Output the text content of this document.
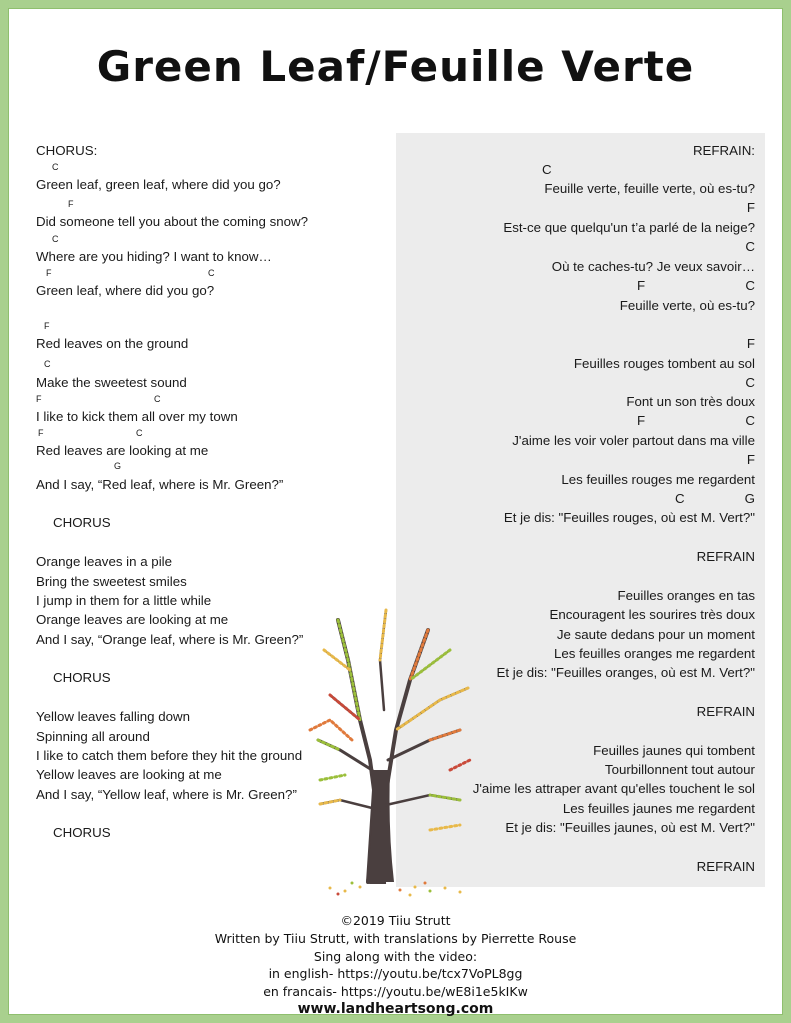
Green Leaf/Feuille Verte
CHORUS:
C
Green leaf, green leaf, where did you go?
F
Did someone tell you about the coming snow?
C
Where are you hiding? I want to know…
F	C
Green leaf, where did you go?
F
Red leaves on the ground
C
Make the sweetest sound
F	C
I like to kick them all over my town
F	C
Red leaves are looking at me
G
And I say, “Red leaf, where is Mr. Green?”
CHORUS
Orange leaves in a pile
Bring the sweetest smiles
I jump in them for a little while
Orange leaves are looking at me
And I say, “Orange leaf, where is Mr. Green?”
CHORUS
Yellow leaves falling down
Spinning all around
I like to catch them before they hit the ground
Yellow leaves are looking at me
And I say, “Yellow leaf, where is Mr. Green?”
CHORUS
REFRAIN:
C
Feuille verte, feuille verte, où es-tu?
F
Est-ce que quelqu'un t’a parlé de la neige?
C
Où te caches-tu? Je veux savoir…
F	C
Feuille verte, où es-tu?
F
Feuilles rouges tombent au sol
C
Font un son très doux
F	C
J'aime les voir voler partout dans ma ville
F
Les feuilles rouges me regardent
C	G
Et je dis: "Feuilles rouges, où est M. Vert?"
REFRAIN
Feuilles oranges en tas
Encouragent les sourires très doux
Je saute dedans pour un moment
Les feuilles oranges me regardent
Et je dis: "Feuilles oranges, où est M. Vert?"
REFRAIN
Feuilles jaunes qui tombent
Tourbillonnent tout autour
J'aime les attraper avant qu'elles touchent le sol
Les feuilles jaunes me regardent
Et je dis: "Feuilles jaunes, où est M. Vert?"
REFRAIN
©2019 Tiiu Strutt
Written by Tiiu Strutt, with translations by Pierrette Rouse
Sing along with the video:
in english- https://youtu.be/tcx7VoPL8gg
en francais- https://youtu.be/wE8i1e5kIKw
www.landheartsong.com
